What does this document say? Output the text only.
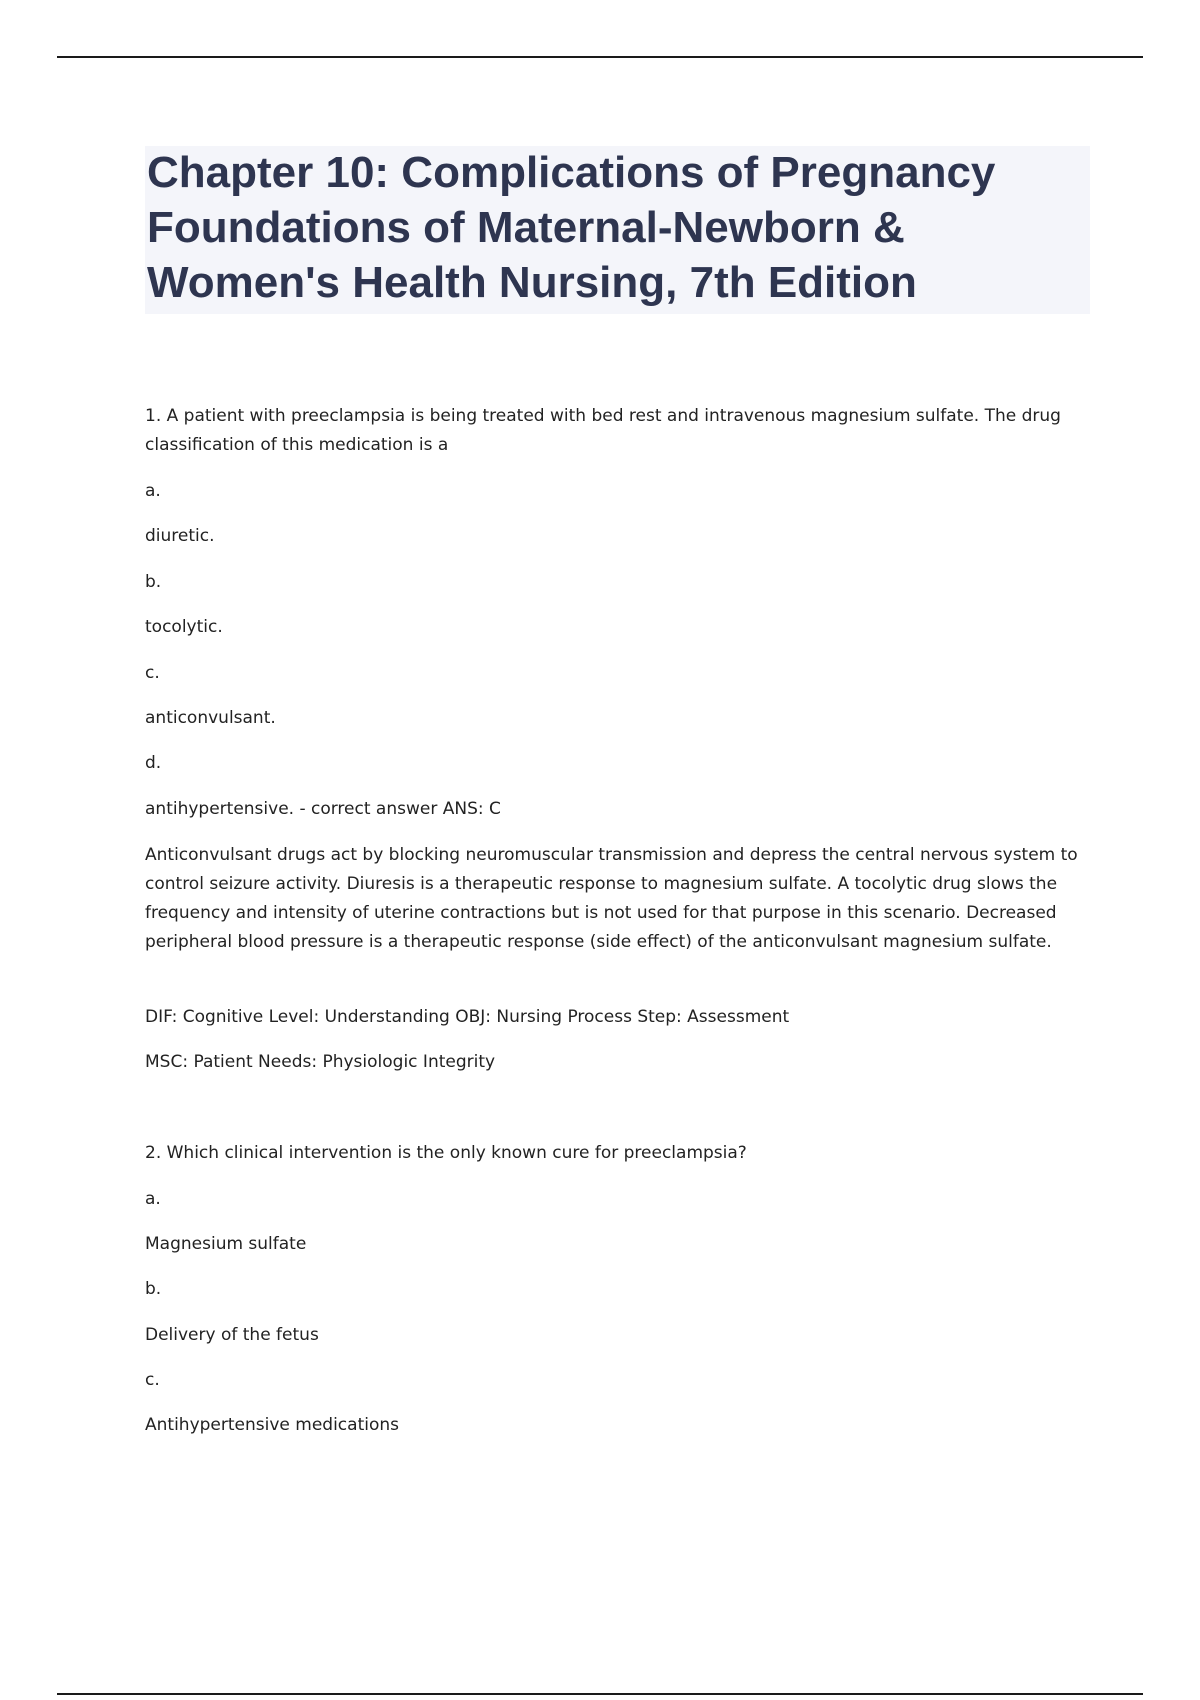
Chapter 10: Complications of Pregnancy
Foundations of Maternal-Newborn &
Women's Health Nursing, 7th Edition
1. A patient with preeclampsia is being treated with bed rest and intravenous magnesium sulfate. The drug classification of this medication is a
a.
diuretic.
b.
tocolytic.
c.
anticonvulsant.
d.
antihypertensive. - correct answer ANS: C
Anticonvulsant drugs act by blocking neuromuscular transmission and depress the central nervous system to control seizure activity. Diuresis is a therapeutic response to magnesium sulfate. A tocolytic drug slows the frequency and intensity of uterine contractions but is not used for that purpose in this scenario. Decreased peripheral blood pressure is a therapeutic response (side effect) of the anticonvulsant magnesium sulfate.
DIF: Cognitive Level: Understanding OBJ: Nursing Process Step: Assessment
MSC: Patient Needs: Physiologic Integrity
2. Which clinical intervention is the only known cure for preeclampsia?
a.
Magnesium sulfate
b.
Delivery of the fetus
c.
Antihypertensive medications
